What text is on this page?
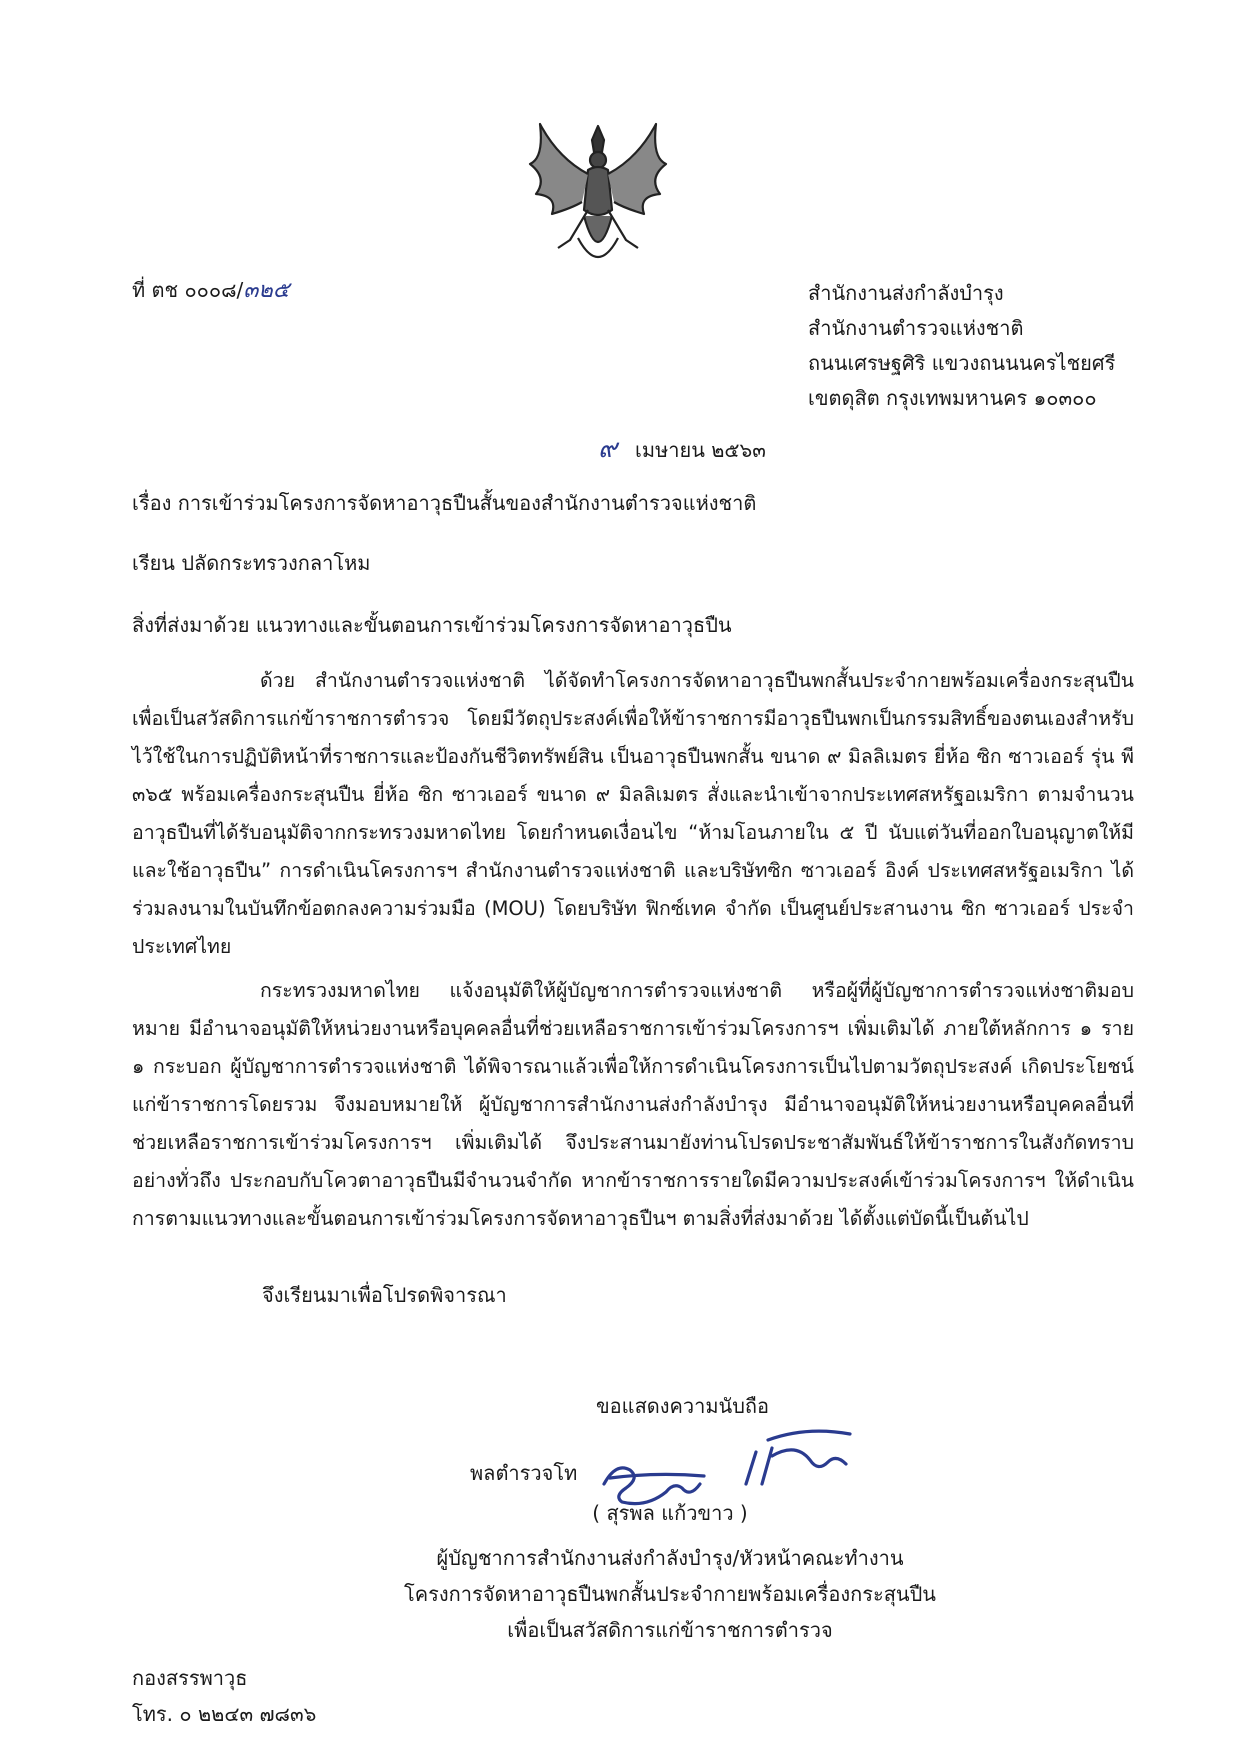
ที่ ตช ๐๐๐๘/๓๒๕	สำนักงานส่งกำลังบำรุง
สำนักงานตำรวจแห่งชาติ
ถนนเศรษฐศิริ แขวงถนนนครไชยศรี
เขตดุสิต กรุงเทพมหานคร ๑๐๓๐๐
๙ เมษายน ๒๕๖๓
เรื่อง การเข้าร่วมโครงการจัดหาอาวุธปืนสั้นของสำนักงานตำรวจแห่งชาติ
เรียน ปลัดกระทรวงกลาโหม
สิ่งที่ส่งมาด้วย แนวทางและขั้นตอนการเข้าร่วมโครงการจัดหาอาวุธปืน
ด้วย สำนักงานตำรวจแห่งชาติ ได้จัดทำโครงการจัดหาอาวุธปืนพกสั้นประจำกายพร้อมเครื่องกระสุนปืนเพื่อเป็นสวัสดิการแก่ข้าราชการตำรวจ โดยมีวัตถุประสงค์เพื่อให้ข้าราชการมีอาวุธปืนพกเป็นกรรมสิทธิ์ของตนเองสำหรับไว้ใช้ในการปฏิบัติหน้าที่ราชการและป้องกันชีวิตทรัพย์สิน เป็นอาวุธปืนพกสั้น ขนาด ๙ มิลลิเมตร ยี่ห้อ ซิก ซาวเออร์ รุ่น พี ๓๖๕ พร้อมเครื่องกระสุนปืน ยี่ห้อ ซิก ซาวเออร์ ขนาด ๙ มิลลิเมตร สั่งและนำเข้าจากประเทศสหรัฐอเมริกา ตามจำนวนอาวุธปืนที่ได้รับอนุมัติจากกระทรวงมหาดไทย โดยกำหนดเงื่อนไข “ห้ามโอนภายใน ๕ ปี นับแต่วันที่ออกใบอนุญาตให้มีและใช้อาวุธปืน” การดำเนินโครงการฯ สำนักงานตำรวจแห่งชาติ และบริษัทซิก ซาวเออร์ อิงค์ ประเทศสหรัฐอเมริกา ได้ร่วมลงนามในบันทึกข้อตกลงความร่วมมือ (MOU) โดยบริษัท ฟิกซ์เทค จำกัด เป็นศูนย์ประสานงาน ซิก ซาวเออร์ ประจำประเทศไทย
กระทรวงมหาดไทย แจ้งอนุมัติให้ผู้บัญชาการตำรวจแห่งชาติ หรือผู้ที่ผู้บัญชาการตำรวจแห่งชาติมอบหมาย มีอำนาจอนุมัติให้หน่วยงานหรือบุคคลอื่นที่ช่วยเหลือราชการเข้าร่วมโครงการฯ เพิ่มเติมได้ ภายใต้หลักการ ๑ ราย ๑ กระบอก ผู้บัญชาการตำรวจแห่งชาติ ได้พิจารณาแล้วเพื่อให้การดำเนินโครงการเป็นไปตามวัตถุประสงค์ เกิดประโยชน์แก่ข้าราชการโดยรวม จึงมอบหมายให้ ผู้บัญชาการสำนักงานส่งกำลังบำรุง มีอำนาจอนุมัติให้หน่วยงานหรือบุคคลอื่นที่ช่วยเหลือราชการเข้าร่วมโครงการฯ เพิ่มเติมได้ จึงประสานมายังท่านโปรดประชาสัมพันธ์ให้ข้าราชการในสังกัดทราบอย่างทั่วถึง ประกอบกับโควตาอาวุธปืนมีจำนวนจำกัด หากข้าราชการรายใดมีความประสงค์เข้าร่วมโครงการฯ ให้ดำเนินการตามแนวทางและขั้นตอนการเข้าร่วมโครงการจัดหาอาวุธปืนฯ ตามสิ่งที่ส่งมาด้วย ได้ตั้งแต่บัดนี้เป็นต้นไป
จึงเรียนมาเพื่อโปรดพิจารณา
ขอแสดงความนับถือ
พลตำรวจโท
( สุรพล แก้วขาว )
ผู้บัญชาการสำนักงานส่งกำลังบำรุง/หัวหน้าคณะทำงาน
โครงการจัดหาอาวุธปืนพกสั้นประจำกายพร้อมเครื่องกระสุนปืน
เพื่อเป็นสวัสดิการแก่ข้าราชการตำรวจ
กองสรรพาวุธ
โทร. ๐ ๒๒๔๓ ๗๘๓๖
